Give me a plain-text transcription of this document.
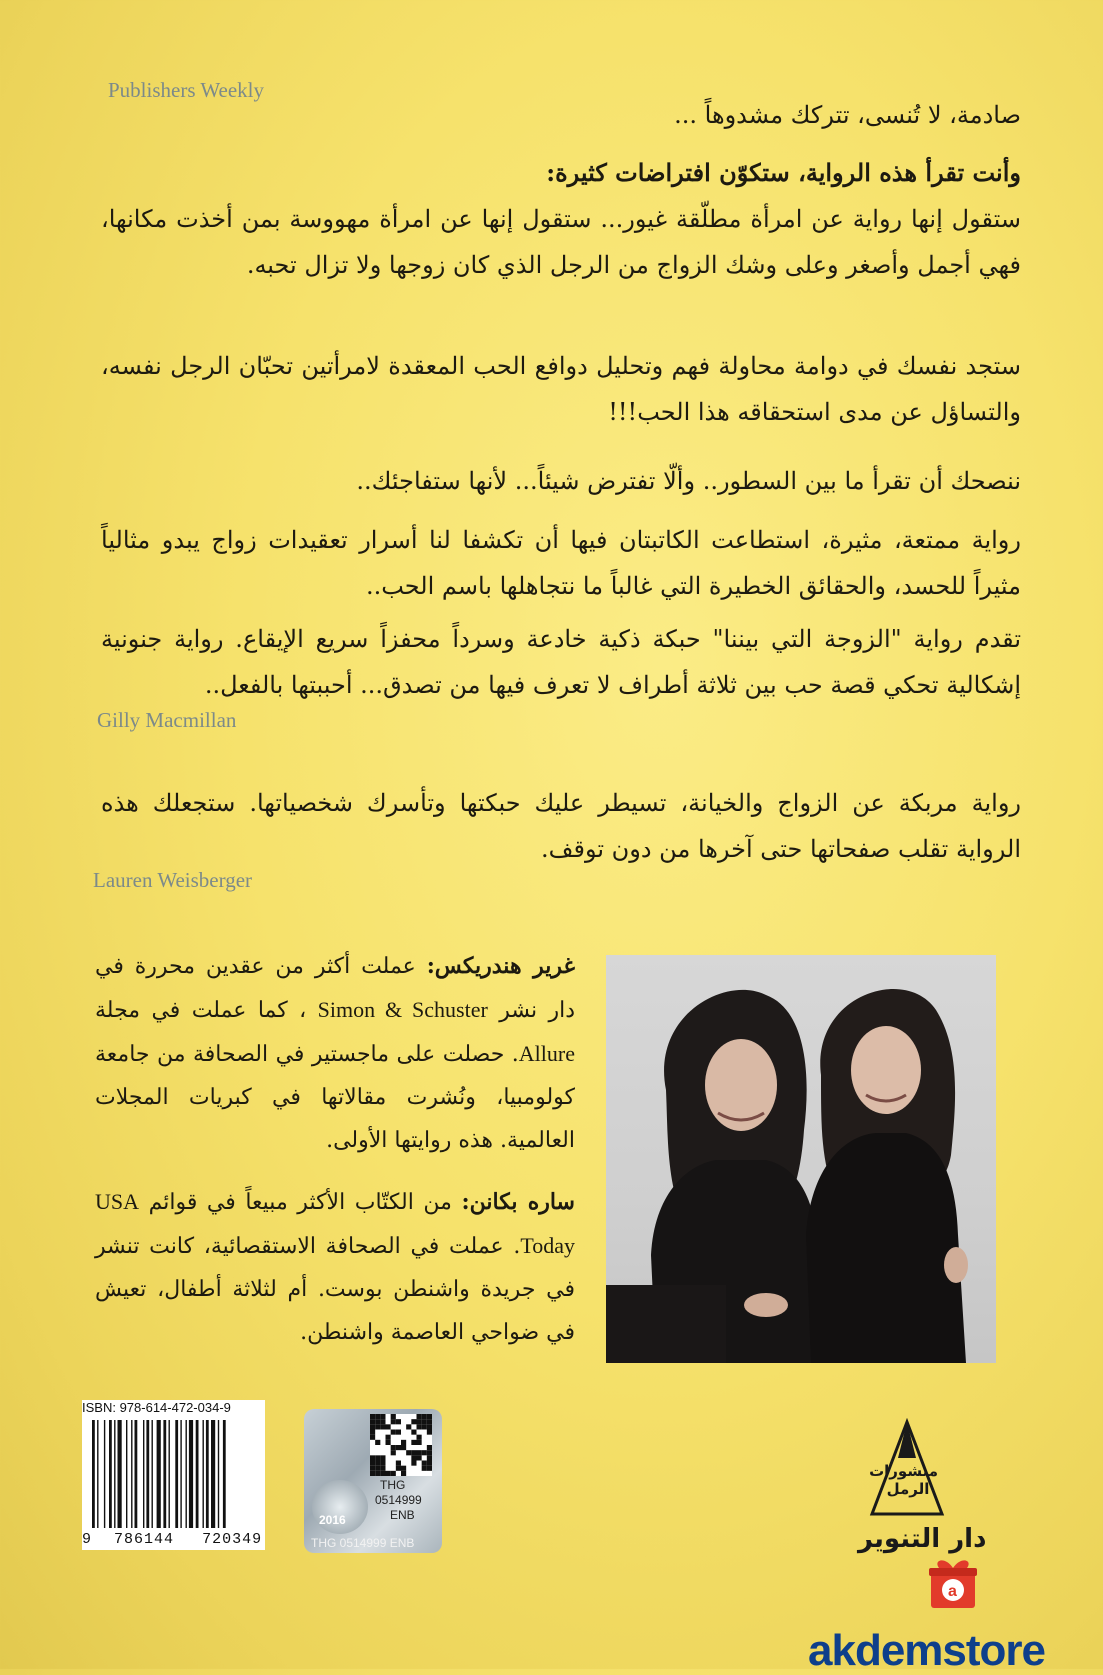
Publishers Weekly
صادمة، لا تُنسى، تتركك مشدوهاً ...
وأنت تقرأ هذه الرواية، ستكوّن افتراضات كثيرة:
ستقول إنها رواية عن امرأة مطلّقة غيور... ستقول إنها عن امرأة مهووسة بمن أخذت مكانها، فهي أجمل وأصغر وعلى وشك الزواج من الرجل الذي كان زوجها ولا تزال تحبه.
ستجد نفسك في دوامة محاولة فهم وتحليل دوافع الحب المعقدة لامرأتين تحبّان الرجل نفسه، والتساؤل عن مدى استحقاقه هذا الحب!!!
ننصحك أن تقرأ ما بين السطور.. وألّا تفترض شيئاً... لأنها ستفاجئك..
رواية ممتعة، مثيرة، استطاعت الكاتبتان فيها أن تكشفا لنا أسرار تعقيدات زواج يبدو مثالياً مثيراً للحسد، والحقائق الخطيرة التي غالباً ما نتجاهلها باسم الحب..
تقدم رواية "الزوجة التي بيننا" حبكة ذكية خادعة وسرداً محفزاً سريع الإيقاع. رواية جنونية إشكالية تحكي قصة حب بين ثلاثة أطراف لا تعرف فيها من تصدق... أحببتها بالفعل..
Gilly Macmillan
رواية مربكة عن الزواج والخيانة، تسيطر عليك حبكتها وتأسرك شخصياتها. ستجعلك هذه الرواية تقلب صفحاتها حتى آخرها من دون توقف.
Lauren Weisberger
غرير هندريكس: عملت أكثر من عقدين محررة في دار نشر Simon & Schuster ، كما عملت في مجلة Allure. حصلت على ماجستير في الصحافة من جامعة كولومبيا، ونُشرت مقالاتها في كبريات المجلات العالمية. هذه روايتها الأولى.
ساره بكانن: من الكتّاب الأكثر مبيعاً في قوائم USA Today. عملت في الصحافة الاستقصائية، كانت تنشر في جريدة واشنطن بوست. أم لثلاثة أطفال، تعيش في ضواحي العاصمة واشنطن.
ISBN: 978-614-472-034-9
9 786144 720349
THG
0514999
ENB
2016
THG 0514999 ENB
منشورات
الرمل
دار التنوير
a
akdemstore
